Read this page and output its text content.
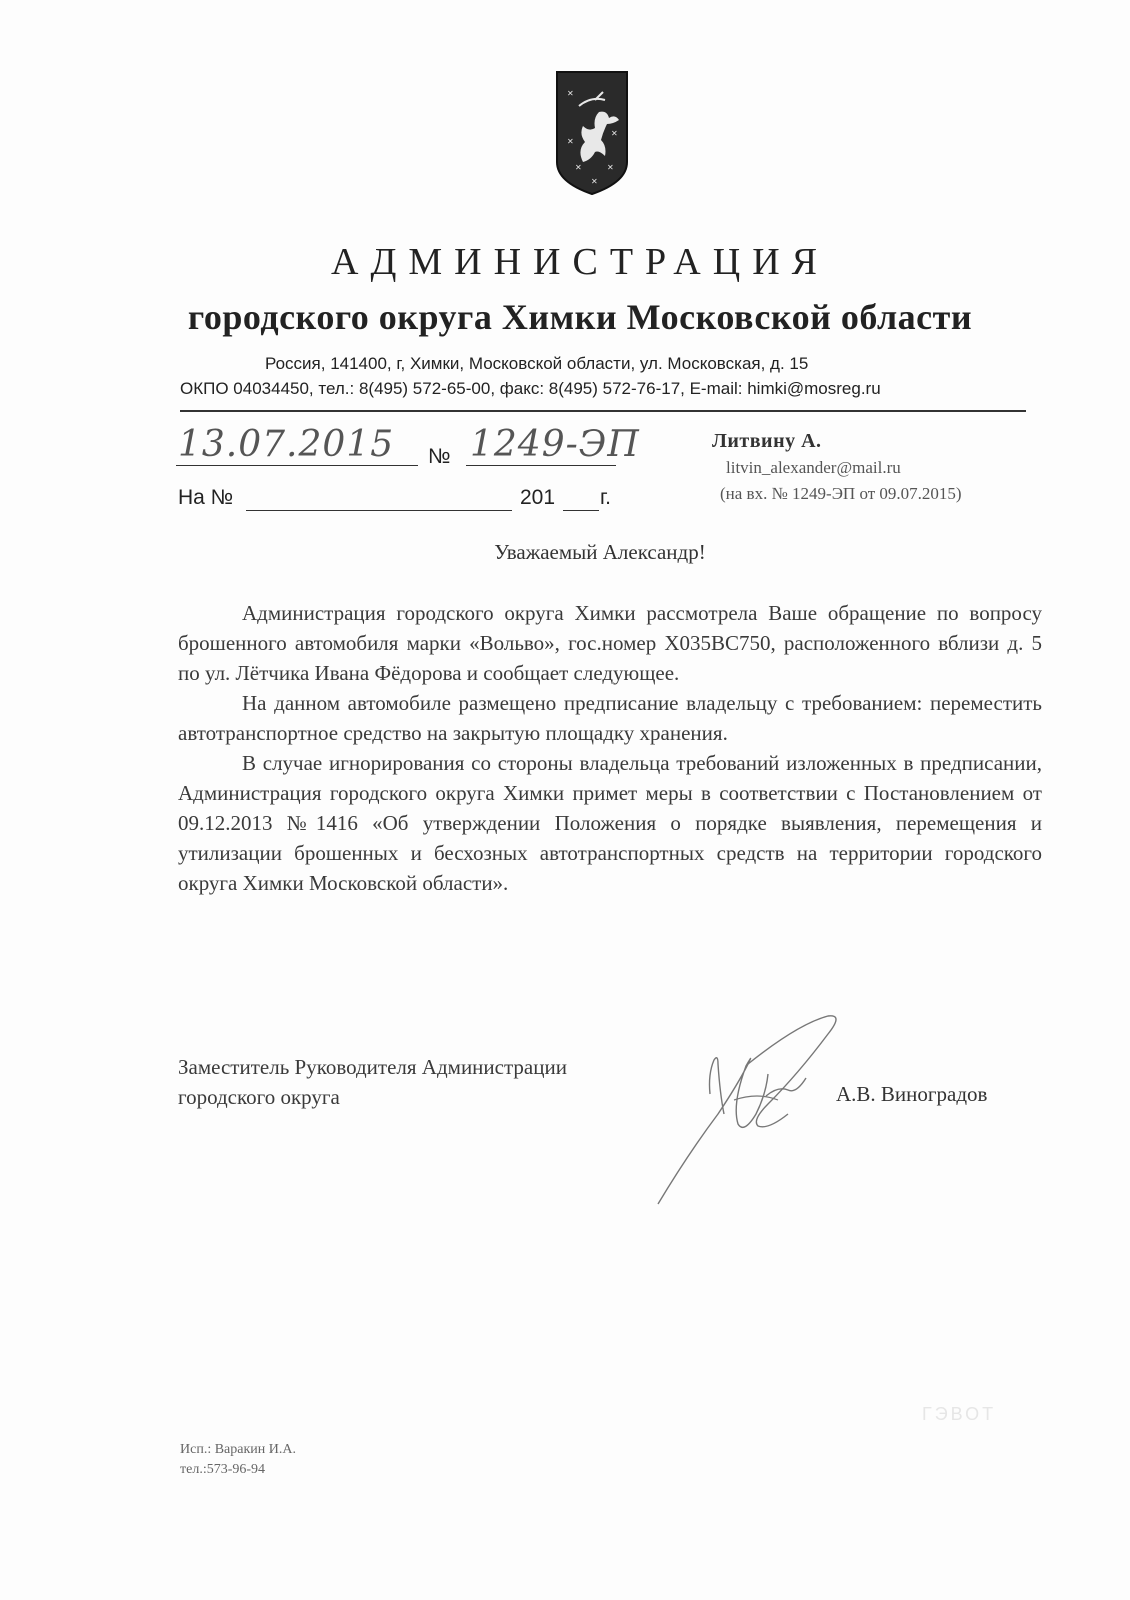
✕
✕
✕
✕	✕
✕
АДМИНИСТРАЦИЯ
городского округа Химки Московской области
Россия, 141400, г, Химки, Московской области, ул. Московская, д. 15
ОКПО 04034450, тел.: 8(495) 572-65-00, факс: 8(495) 572-76-17, E-mail: himki@mosreg.ru
13.07.2015 № 1249-ЭП
На №	201 г.
Литвину А.
litvin_alexander@mail.ru
(на вх. № 1249-ЭП от 09.07.2015)
Уважаемый Александр!

Администрация городского округа Химки рассмотрела Ваше обращение по вопросу брошенного автомобиля марки «Вольво», гос.номер Х035ВС750, расположенного вблизи д. 5 по ул. Лётчика Ивана Фёдорова и сообщает следующее.

На данном автомобиле размещено предписание владельцу с требованием: переместить автотранспортное средство на закрытую площадку хранения.

В случае игнорирования со стороны владельца требований изложенных в предписании, Администрация городского округа Химки примет меры в соответствии с Постановлением от 09.12.2013 №1416 «Об утверждении Положения о порядке выявления, перемещения и утилизации брошенных и бесхозных автотранспортных средств на территории городского округа Химки Московской области».

Заместитель Руководителя Администрации
городского округа	А.В. Виноградов
ГЭВОТ
Исп.: Варакин И.А.
тел.:573-96-94
